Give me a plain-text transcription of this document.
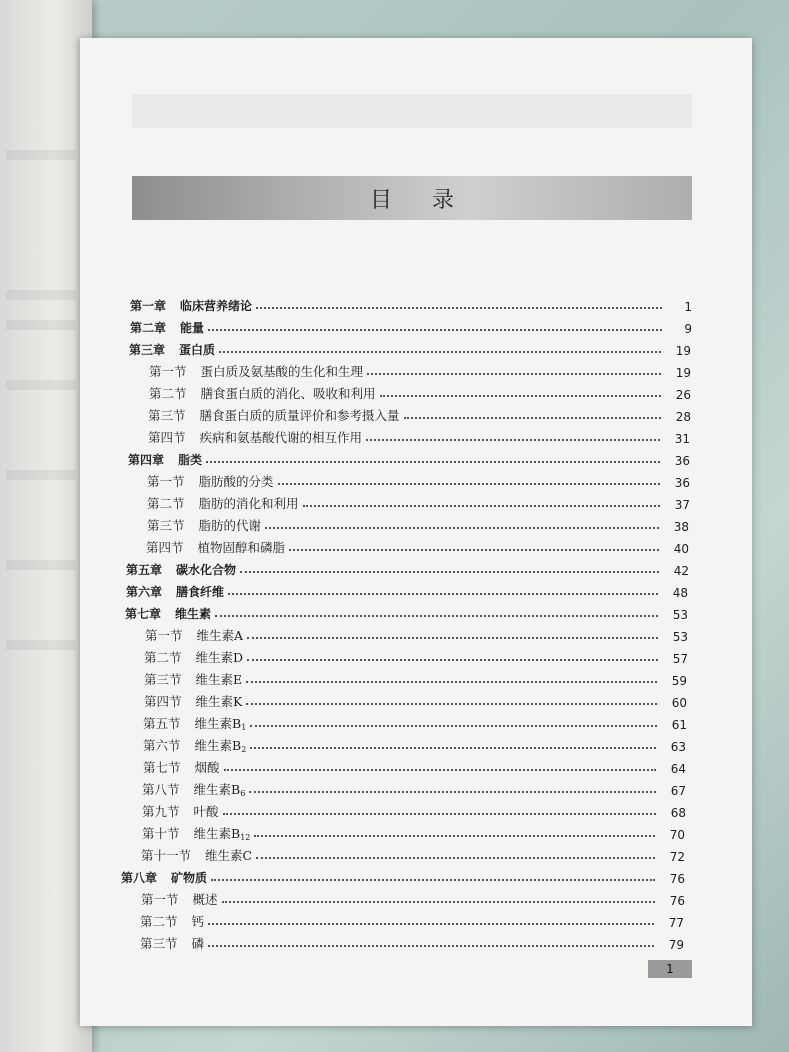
目录
第一章 临床营养绪论	1
第二章 能量	9
第三章 蛋白质	19
第一节 蛋白质及氨基酸的生化和生理	19
第二节 膳食蛋白质的消化、吸收和利用	26
第三节 膳食蛋白质的质量评价和参考摄入量	28
第四节 疾病和氨基酸代谢的相互作用	31
第四章 脂类	36
第一节 脂肪酸的分类	36
第二节 脂肪的消化和利用	37
第三节 脂肪的代谢	38
第四节 植物固醇和磷脂	40
第五章 碳水化合物	42
第六章 膳食纤维	48
第七章 维生素	53
第一节 维生素A	53
第二节 维生素D	57
第三节 维生素E	59
第四节 维生素K	60
第五节 维生素$B_1$	61
第六节 维生素$B_2$	63
第七节 烟酸	64
第八节 维生素$B_6$	67
第九节 叶酸	68
第十节 维生素$B_{12}$	70
第十一节 维生素C	72
第八章 矿物质	76
第一节 概述	76
第二节 钙	77
第三节 磷	79
1
